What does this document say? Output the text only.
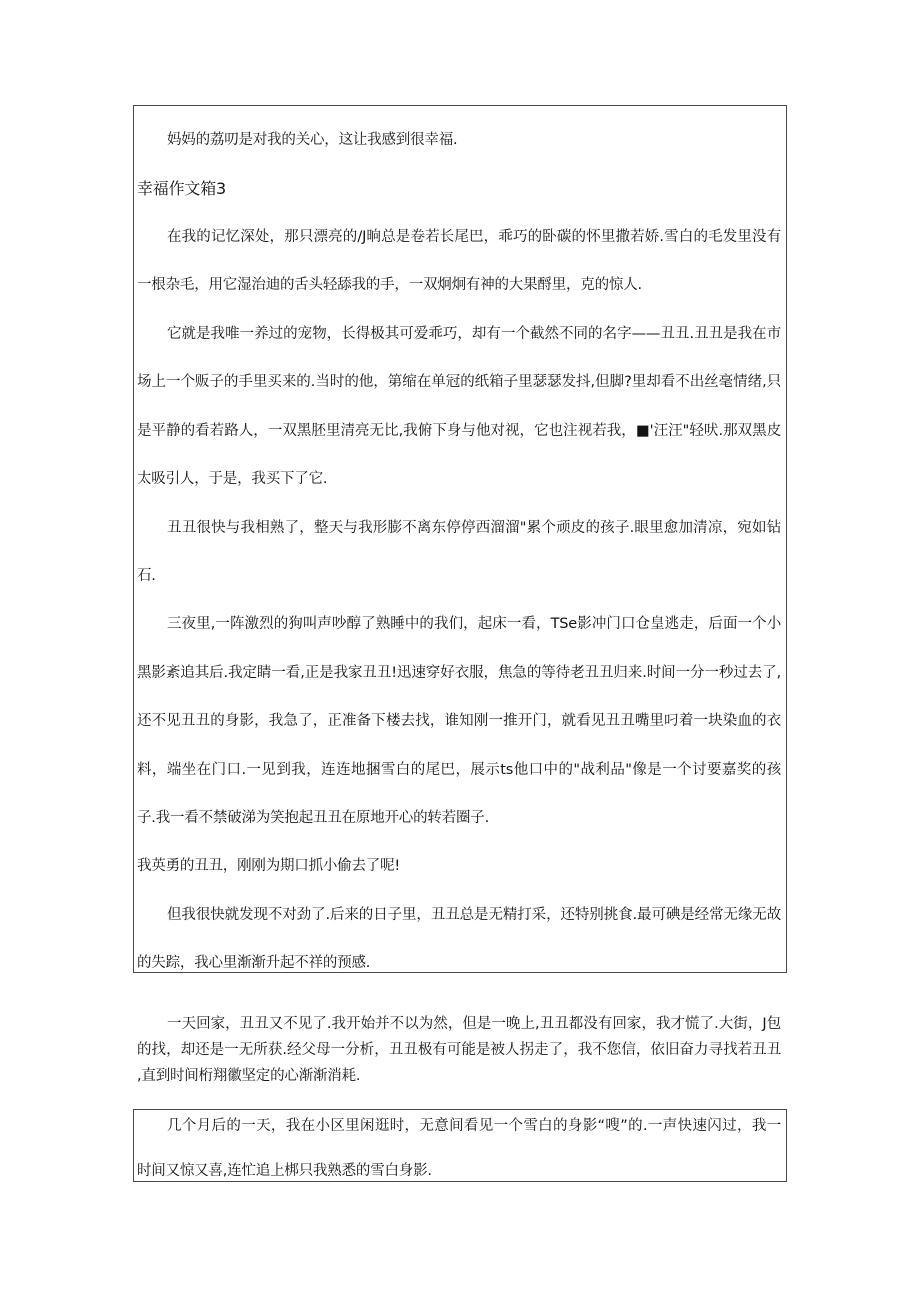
妈妈的荔叨是对我的关心，这让我感到很幸福.
幸福作文箱3
在我的记忆深处，那只漂亮的/J晌总是卷若长尾巴，乖巧的卧碳的怀里撒若娇.雪白的毛发里没有
一根杂毛，用它湿治迪的舌头轻舔我的手，一双炯炯有神的大果酹里，克的惊人.
它就是我唯一养过的宠物，长得极其可爱乖巧，却有一个截然不同的名字——丑丑.丑丑是我在市
场上一个贩子的手里买来的.当时的他，第缩在单冠的纸箱子里瑟瑟发抖,但脚?里却看不出丝毫情绪,只
是平静的看若路人，一双黑胚里清亮无比,我俯下身与他对视，它也注视若我，■'汪汪"轻吠.那双黑皮
太吸引人，于是，我买下了它.
丑丑很快与我相熟了，整天与我形膨不离东停停西溜溜"累个顽皮的孩子.眼里愈加清凉，宛如钻
石.
三夜里,一阵激烈的狗叫声吵醇了熟睡中的我们，起床一看，TSe影冲门口仓皇逃走，后面一个小
黑影紊追其后.我定睛一看,正是我家丑丑!迅速穿好衣服，焦急的等待老丑丑归来.时间一分一秒过去了,
还不见丑丑的身影，我急了，正准备下楼去找，谁知刚一推开门，就看见丑丑嘴里叼着一块染血的衣
料，端坐在门口.一见到我，连连地捆雪白的尾巴，展示ts他口中的"战利品"像是一个讨要嘉奖的孩
子.我一看不禁破涕为笑抱起丑丑在原地开心的转若圈子.
我英勇的丑丑，刚刚为期口抓小偷去了呢!
但我很快就发现不对劲了.后来的日子里，丑丑总是无精打采，还特别挑食.最可碘是经常无缘无故
的失踪，我心里渐渐升起不祥的预感.
一天回家，丑丑又不见了.我开始并不以为然，但是一晚上,丑丑都没有回家，我才慌了.大街，J包
的找，却还是一无所获.经父母一分析，丑丑极有可能是被人拐走了，我不您信，依旧奋力寻找若丑丑
,直到时间桁翔徽坚定的心渐渐消耗.
几个月后的一天，我在小区里闲逛时，无意间看见一个雪白的身影“嗖”的.一声快速闪过，我一
时间又惊又喜,连忙追上梆只我熟悉的雪白身影.
